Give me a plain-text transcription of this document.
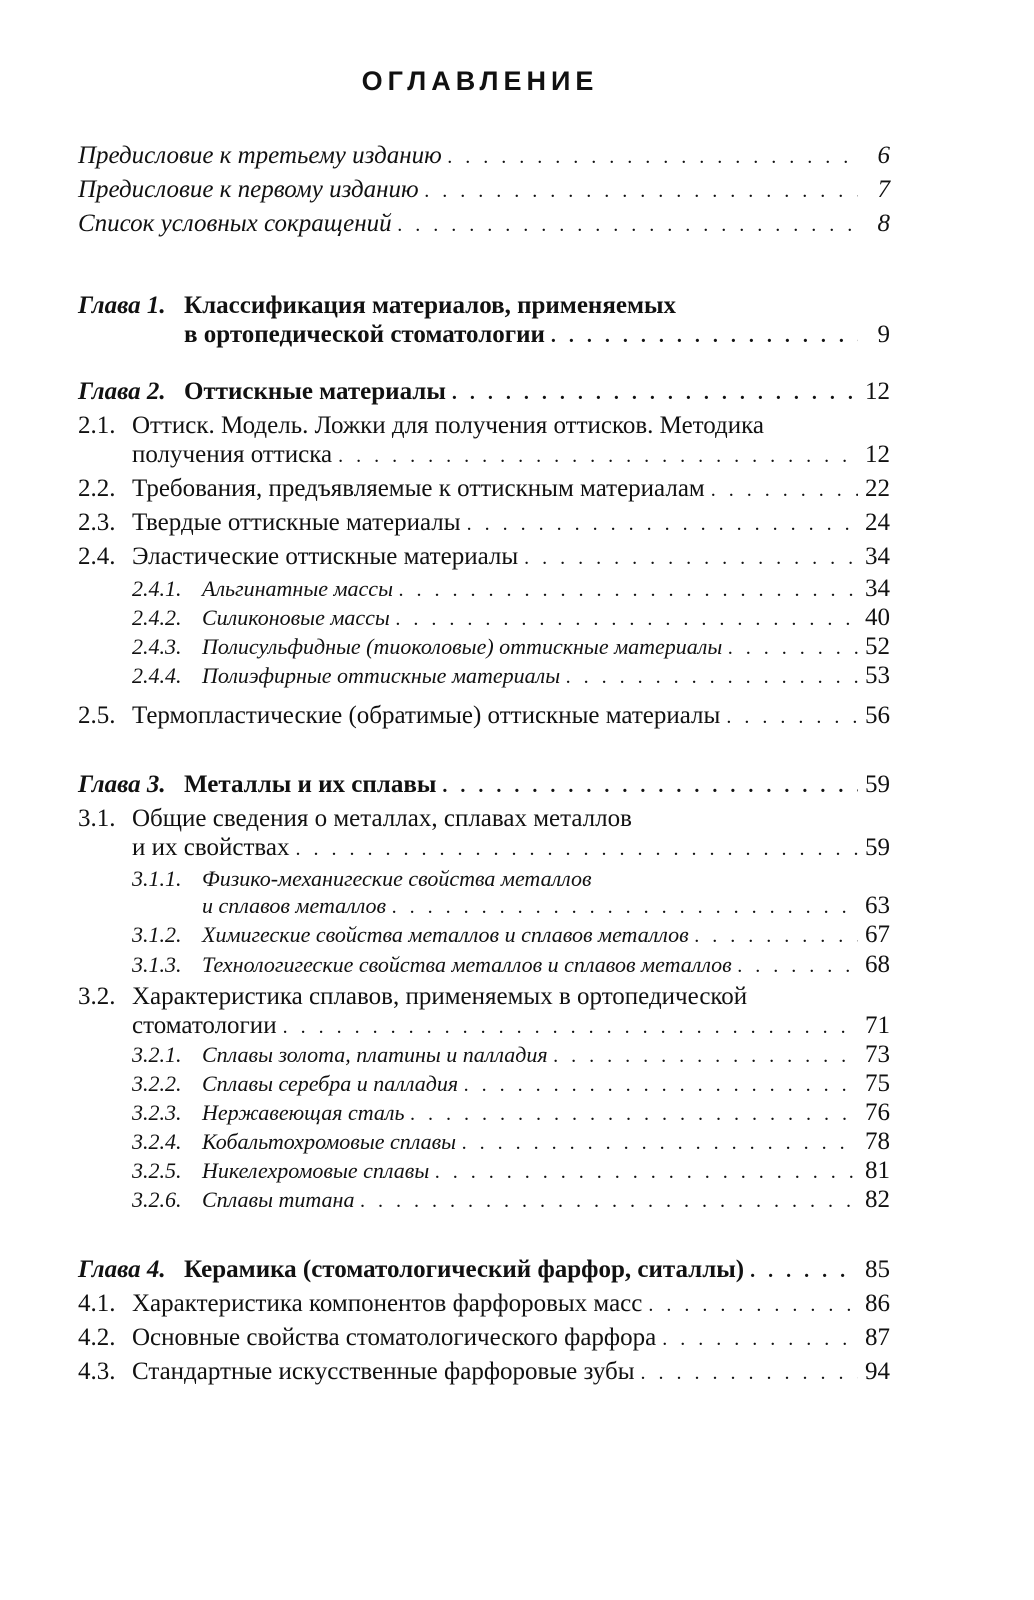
ОГЛАВЛЕНИЕ
Предисловие к третьему изданию . . .	6
Предисловие к первому изданию . . .	7
Список условных сокращений . . .	8
Глава 1. Классификация материалов, применяемых
в ортопедической стоматологии . . .	9
Глава 2. Оттискные материалы . . .	12
2.1. Оттиск. Модель. Ложки для получения оттисков. Методика
получения оттиска . . .	12
2.2. Требования, предъявляемые к оттискным материалам . . .	22
2.3. Твердые оттискные материалы . . .	24
2.4. Эластические оттискные материалы . . .	34
2.4.1. Альгинатные массы . . .	34
2.4.2. Силиконовые массы . . .	40
2.4.3. Полисульфидные (тиоколовые) оттискные материалы . . .	52
2.4.4. Полиэфирные оттискные материалы . . .	53
2.5. Термопластические (обратимые) оттискные материалы . . .	56
Глава 3. Металлы и их сплавы . . .	59
3.1. Общие сведения о металлах, сплавах металлов
и их свойствах . . .	59
3.1.1. Физико-механигеские свойства металлов
и сплавов металлов . . .	63
3.1.2. Химигеские свойства металлов и сплавов металлов . . .	67
3.1.3. Технологигеские свойства металлов и сплавов металлов . . .	68
3.2. Характеристика сплавов, применяемых в ортопедической
стоматологии . . .	71
3.2.1. Сплавы золота, платины и палладия . . .	73
3.2.2. Сплавы серебра и палладия . . .	75
3.2.3. Нержавеющая сталь . . .	76
3.2.4. Кобальтохромовые сплавы . . .	78
3.2.5. Никелехромовые сплавы . . .	81
3.2.6. Сплавы титана . . .	82
Глава 4. Керамика (стоматологический фарфор, ситаллы) . . .	85
4.1. Характеристика компонентов фарфоровых масс . . .	86
4.2. Основные свойства стоматологического фарфора . . .	87
4.3. Стандартные искусственные фарфоровые зубы . . .	94
